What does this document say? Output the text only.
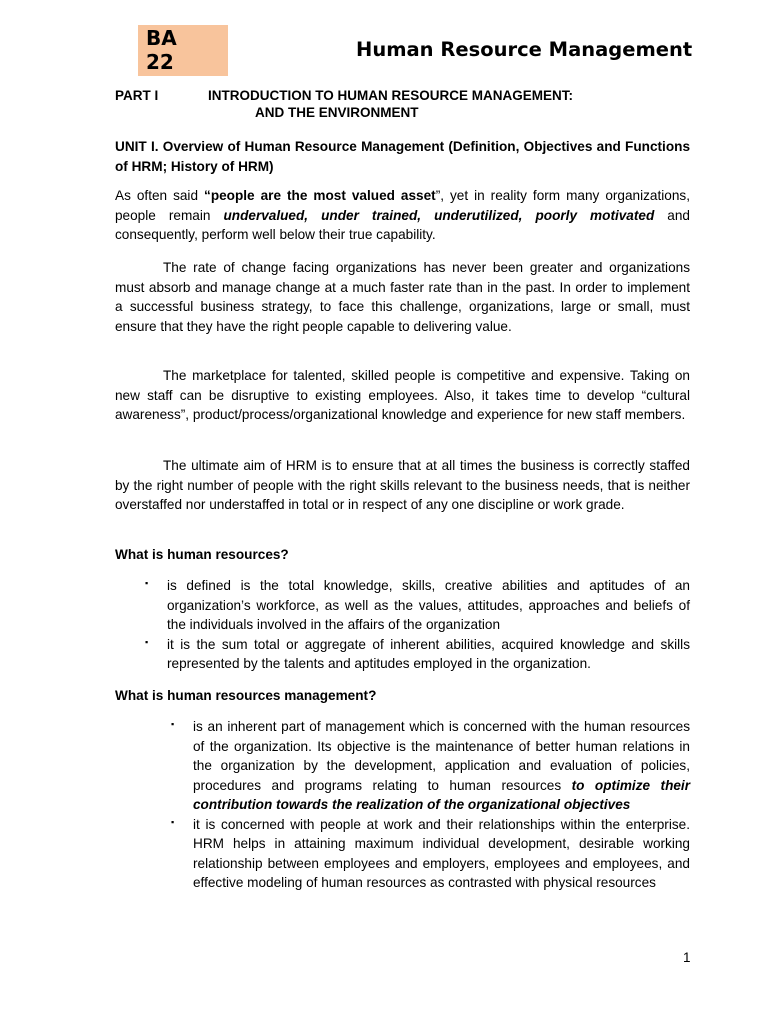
BA
22
Human Resource Management
PART I	INTRODUCTION TO HUMAN RESOURCE MANAGEMENT:
AND THE ENVIRONMENT

UNIT I. Overview of Human Resource Management (Definition, Objectives and Functions of HRM; History of HRM)

As often said “people are the most valued asset”, yet in reality form many organizations, people remain undervalued, under trained, underutilized, poorly motivated and consequently, perform well below their true capability.

The rate of change facing organizations has never been greater and organizations must absorb and manage change at a much faster rate than in the past. In order to implement a successful business strategy, to face this challenge, organizations, large or small, must ensure that they have the right people capable to delivering value.

The marketplace for talented, skilled people is competitive and expensive. Taking on new staff can be disruptive to existing employees. Also, it takes time to develop “cultural awareness”, product/process/organizational knowledge and experience for new staff members.

The ultimate aim of HRM is to ensure that at all times the business is correctly staffed by the right number of people with the right skills relevant to the business needs, that is neither overstaffed nor understaffed in total or in respect of any one discipline or work grade.

What is human resources?

▪ is defined is the total knowledge, skills, creative abilities and aptitudes of an organization’s workforce, as well as the values, attitudes, approaches and beliefs of the individuals involved in the affairs of the organization
▪ it is the sum total or aggregate of inherent abilities, acquired knowledge and skills represented by the talents and aptitudes employed in the organization.

What is human resources management?

▪ is an inherent part of management which is concerned with the human resources of the organization. Its objective is the maintenance of better human relations in the organization by the development, application and evaluation of policies, procedures and programs relating to human resources to optimize their contribution towards the realization of the organizational objectives
▪ it is concerned with people at work and their relationships within the enterprise. HRM helps in attaining maximum individual development, desirable working relationship between employees and employers, employees and employees, and effective modeling of human resources as contrasted with physical resources
1
